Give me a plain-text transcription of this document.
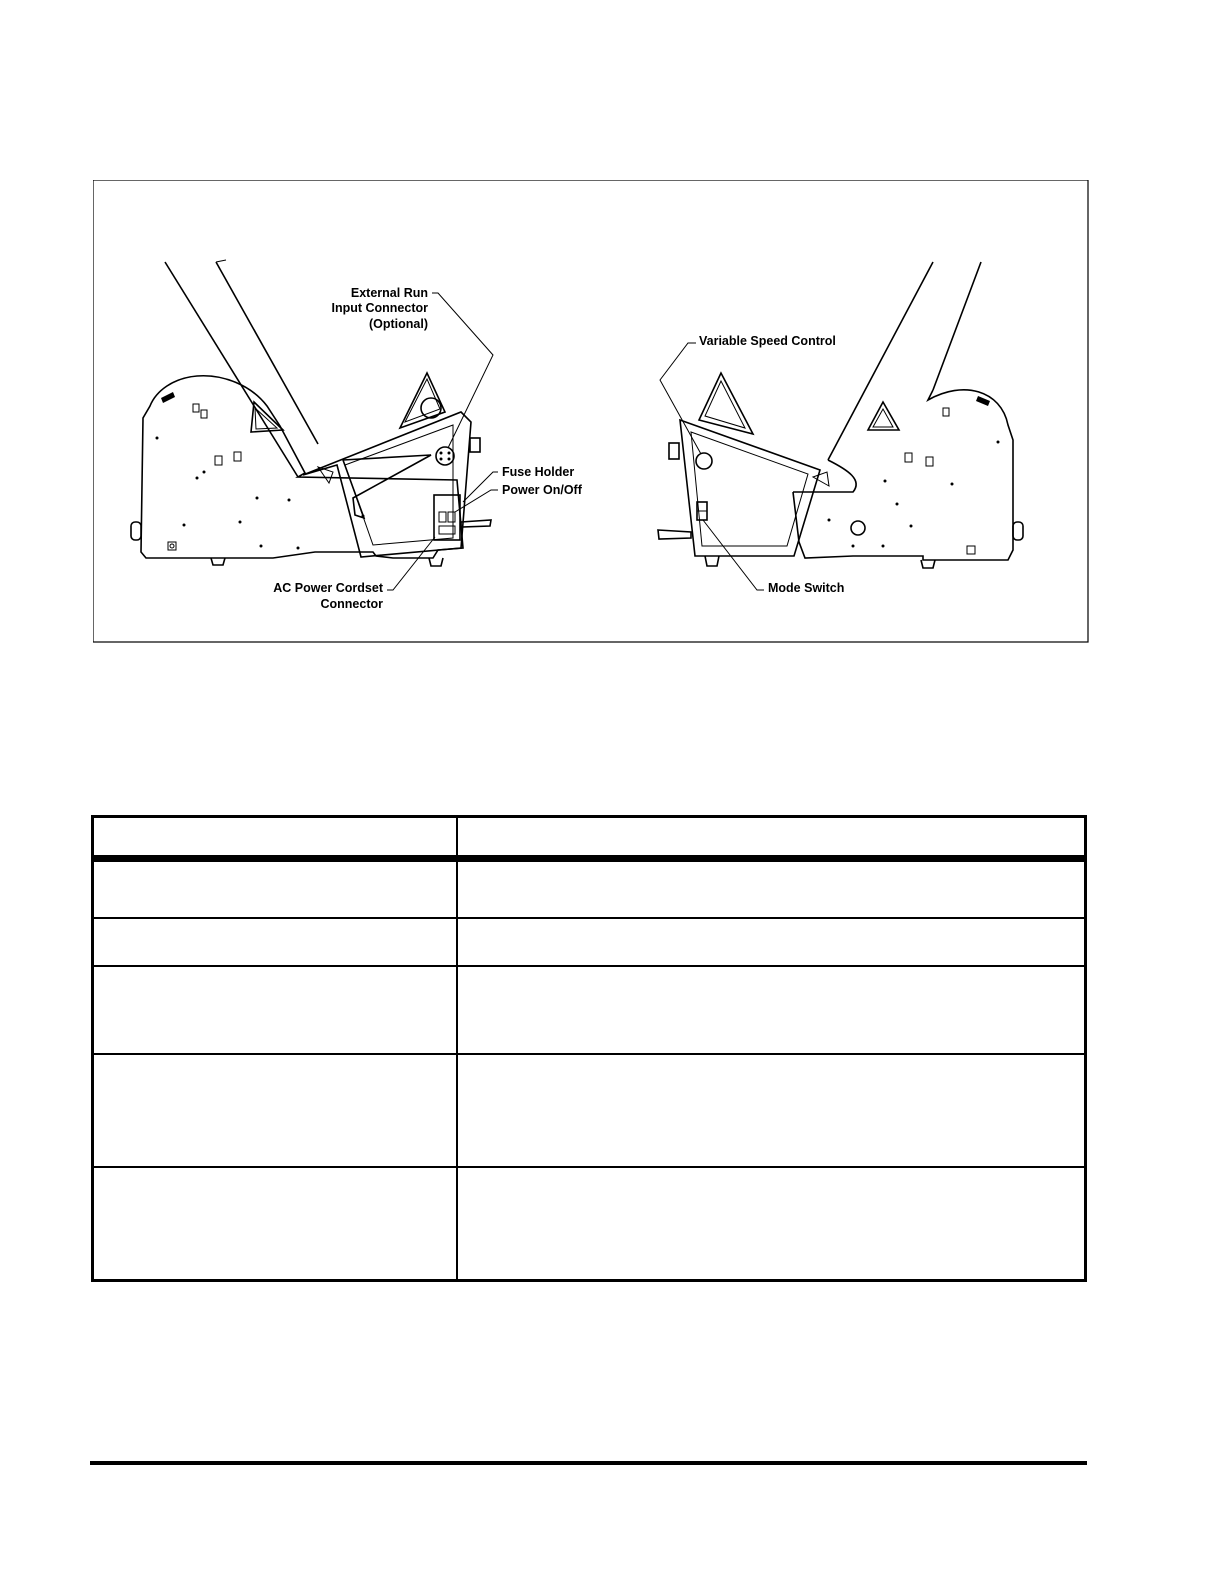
External Run
Input Connector
(Optional)
Fuse Holder
Power On/Off
AC Power Cordset
Connector
Variable Speed Control
Mode Switch
